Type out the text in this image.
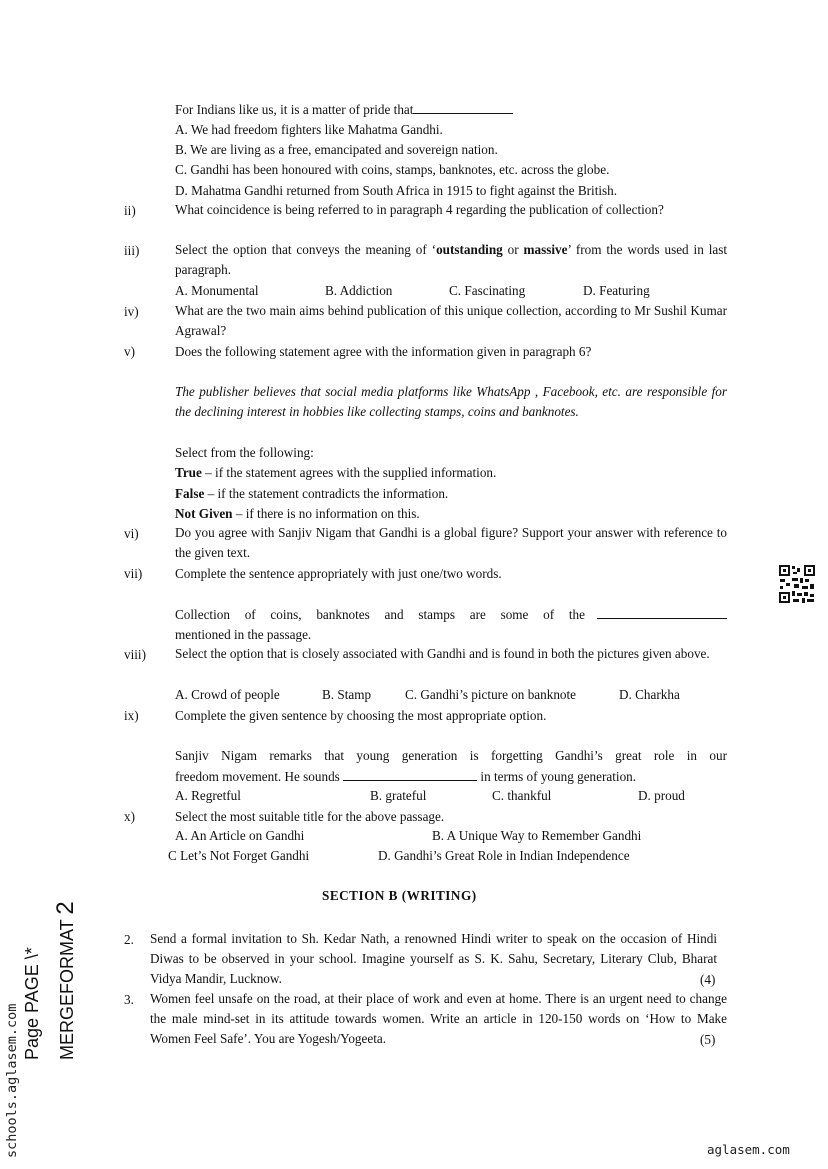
For Indians like us, it is a matter of pride that
A. We had freedom fighters like Mahatma Gandhi.
B. We are living as a free, emancipated and sovereign nation.
C. Gandhi has been honoured with coins, stamps, banknotes, etc. across the globe.
D. Mahatma Gandhi returned from South Africa in 1915 to fight against the British.
ii)	What coincidence is being referred to in paragraph 4 regarding the publication of collection?
iii)	Select the option that conveys the meaning of ‘outstanding or massive’ from the words used in last paragraph.
A. Monumental	B. Addiction	C. Fascinating	D. Featuring
iv)	What are the two main aims behind publication of this unique collection, according to Mr Sushil Kumar Agrawal?
v)	Does the following statement agree with the information given in paragraph 6?
The publisher believes that social media platforms like WhatsApp , Facebook, etc. are responsible for the declining interest in hobbies like collecting stamps, coins and banknotes.
Select from the following:
True – if the statement agrees with the supplied information.
False – if the statement contradicts the information.
Not Given – if there is no information on this.
vi)	Do you agree with Sanjiv Nigam that Gandhi is a global figure? Support your answer with reference to the given text.
vii) Complete the sentence appropriately with just one/two words.
Collection of coins, banknotes and stamps are some of the
mentioned in the passage.
viii) Select the option that is closely associated with Gandhi and is found in both the pictures given above.
A. Crowd of people	B. Stamp	C. Gandhi’s picture on banknote	D. Charkha
ix)	Complete the given sentence by choosing the most appropriate option.
Sanjiv Nigam remarks that young generation is forgetting Gandhi’s great role in our
freedom movement. He sounds	in terms of young generation.
A. Regretful	B. grateful	C. thankful	D. proud
x)	Select the most suitable title for the above passage.
A. An Article on Gandhi	B. A Unique Way to Remember Gandhi
C Let’s Not Forget Gandhi	D. Gandhi’s Great Role in Indian Independence
SECTION B (WRITING)
2. Send a formal invitation to Sh. Kedar Nath, a renowned Hindi writer to speak on the occasion of Hindi Diwas to be observed in your school. Imagine yourself as S. K. Sahu, Secretary, Literary Club, Bharat Vidya Mandir, Lucknow.	(4)
3. Women feel unsafe on the road, at their place of work and even at home. There is an urgent need to change the male mind-set in its attitude towards women. Write an article in 120-150 words on ‘How to Make Women Feel Safe’. You are Yogesh/Yogeeta.	(5)
schools.aglasem.com Page PAGE \* MERGEFORMAT 2
aglasem.com
